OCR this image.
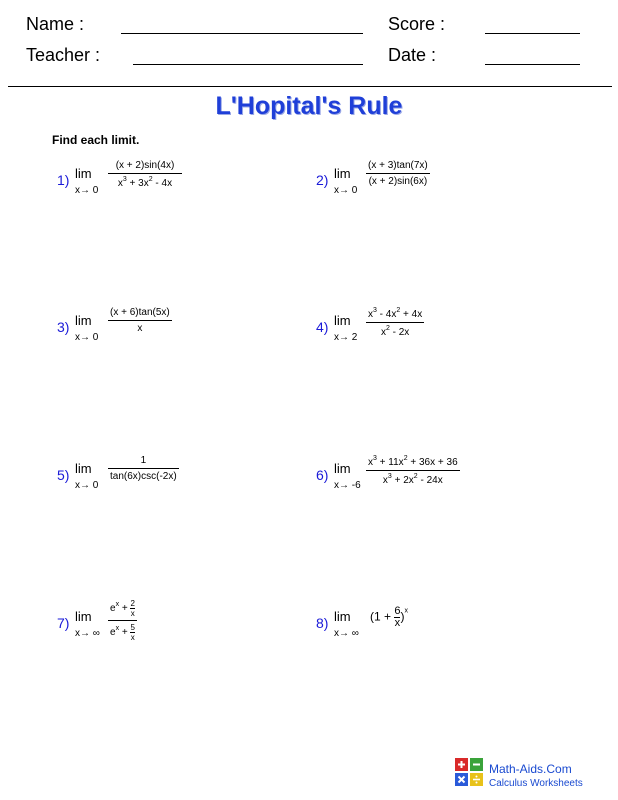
Name :	Score :
Teacher :	Date :
L'Hopital's Rule
Find each limit.
1) lim
x→ 0
(x + 2)sin(4x)
$x^3 + 3x^2 - 4x$	2) lim
x→ 0
(x + 3)tan(7x)
(x + 2)sin(6x)
3) lim
x→ 0
(x + 6)tan(5x)
x	4) lim
x→ 2
$x^3 - 4x^2 + 4x$
$x^2 - 2x$
5) lim
x→ 0
1
tan(6x)csc(-2x)	6) lim
x→ -6
$x^3 + 11x^2 + 36x + 36$
$x^3 + 2x^2 - 24x$
7) lim
x→ ∞
$e^x + \frac{2}{x}$
$e^x + \frac{5}{x}$	8) lim
x→ ∞
$(1 + \frac{6}{x} )^x$
Math-Aids.Com
Calculus Worksheets
